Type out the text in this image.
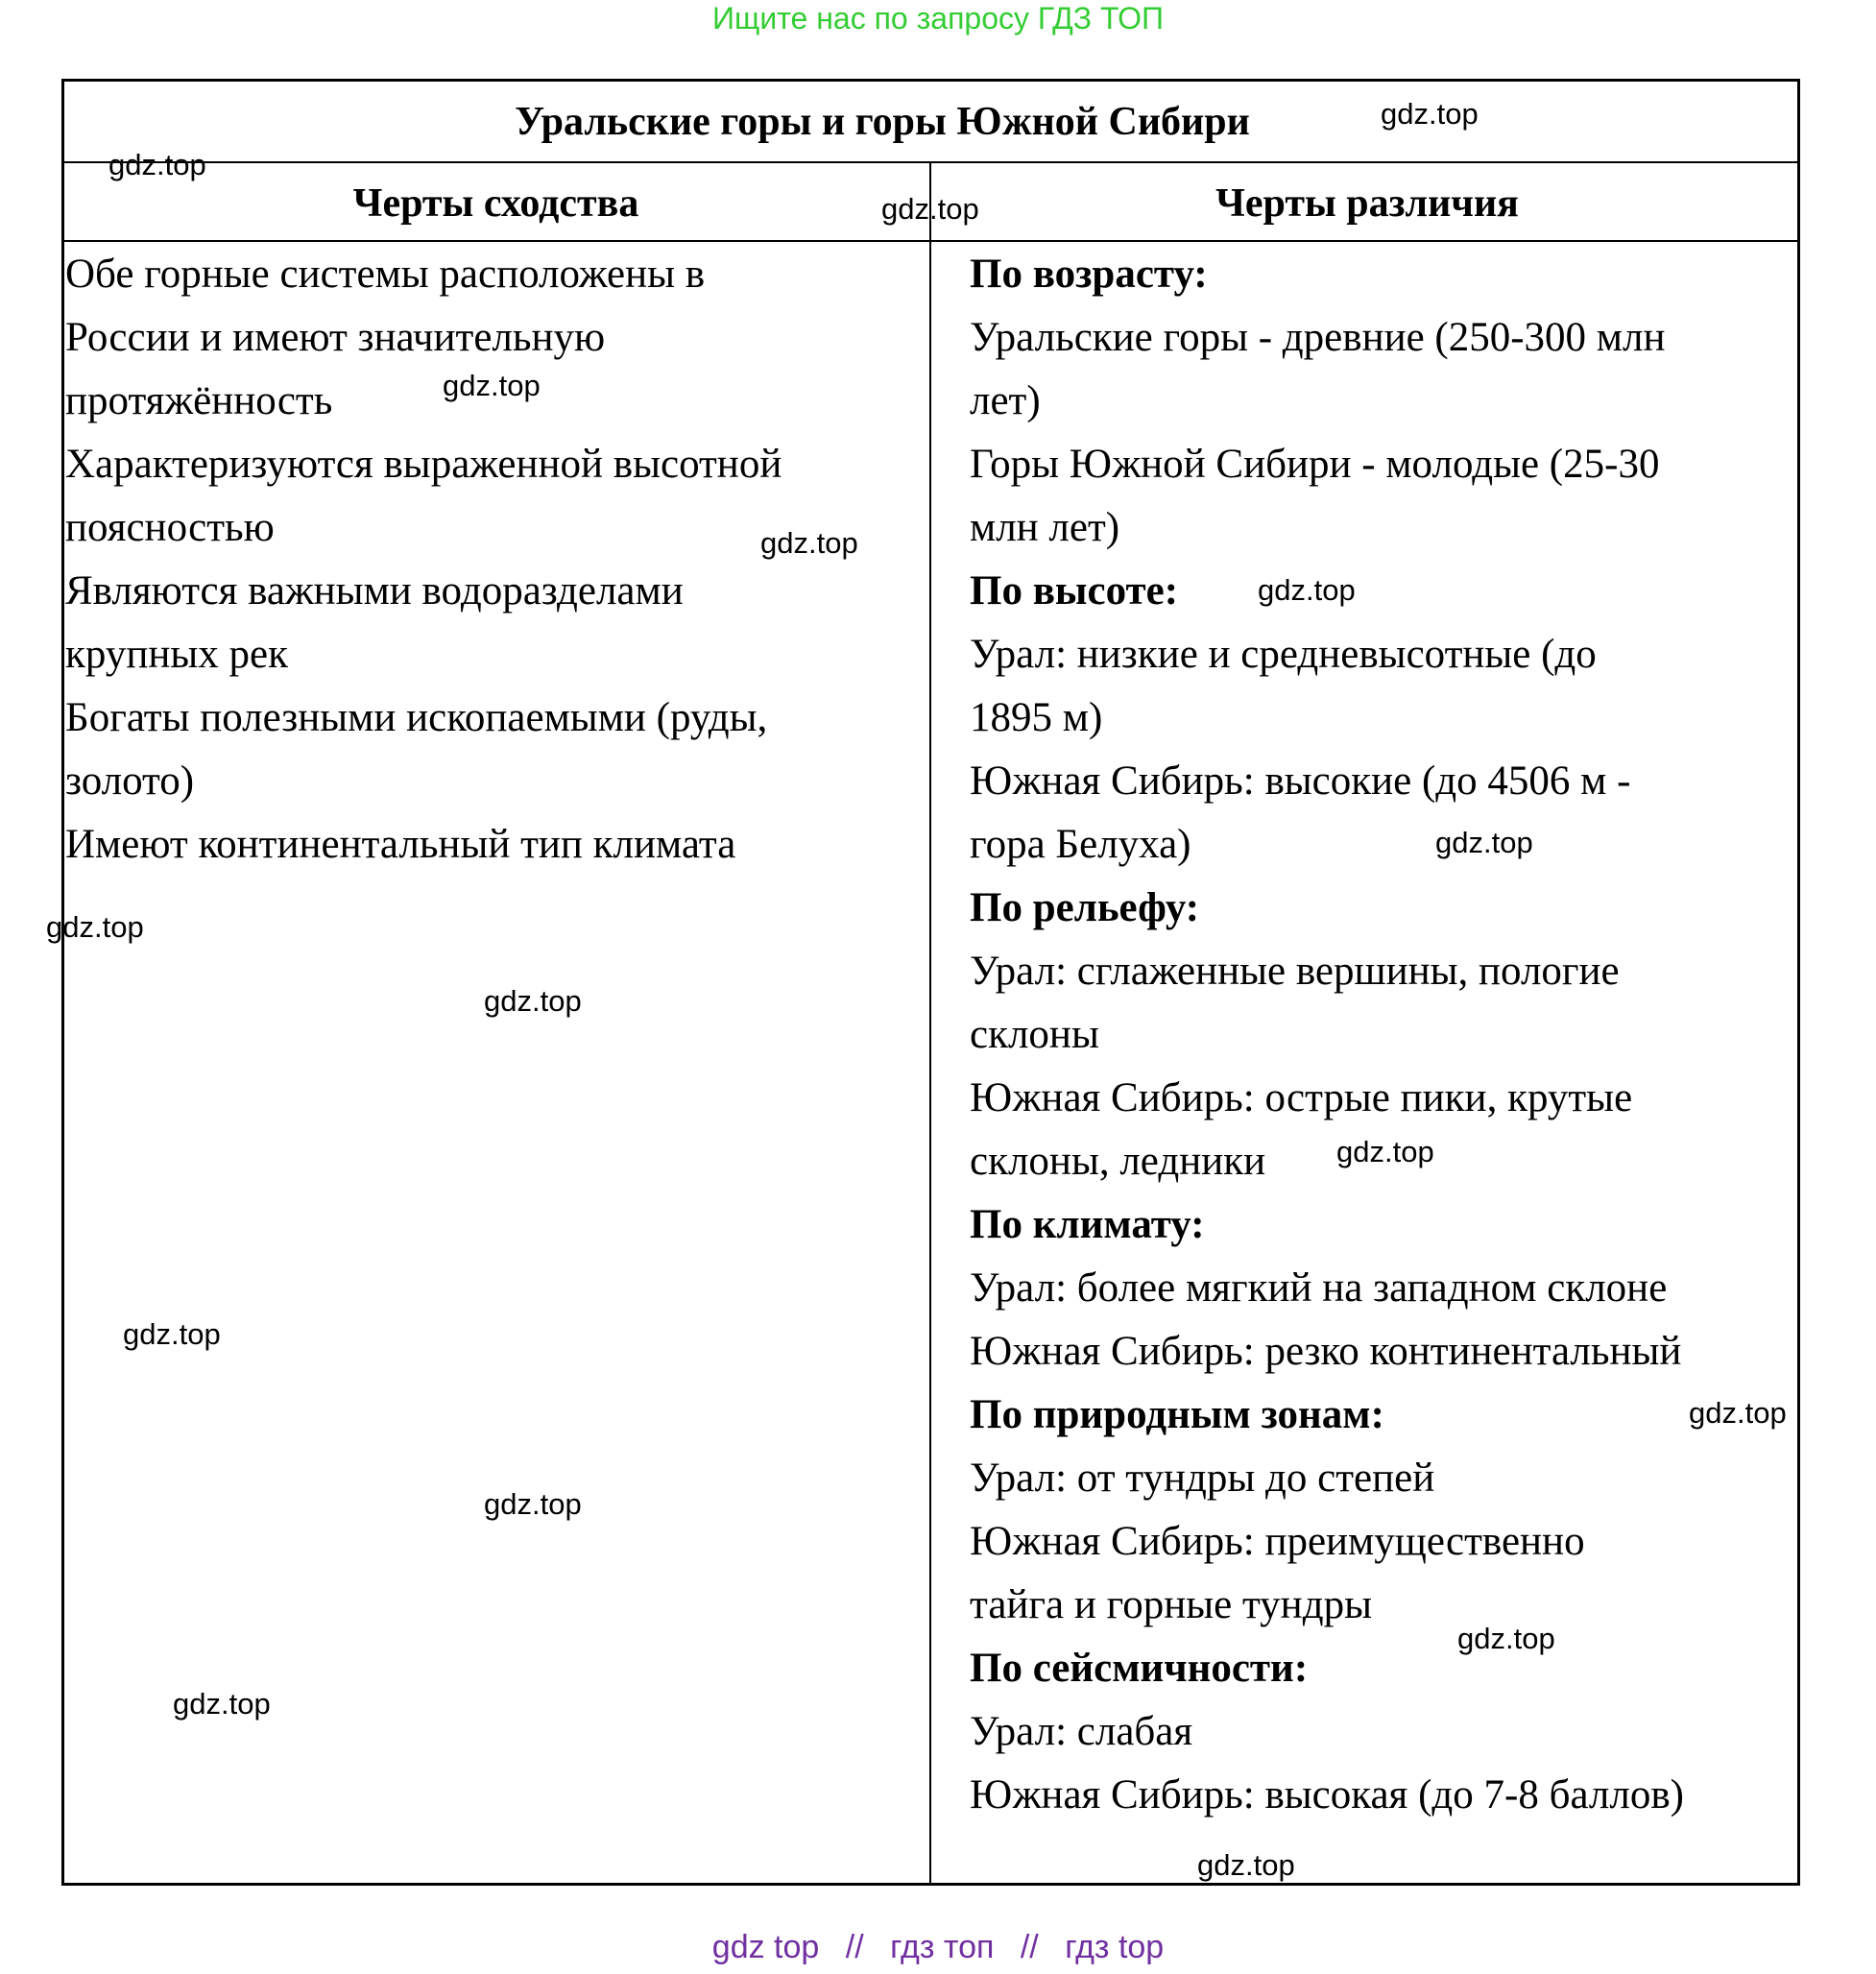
Ищите нас по запросу ГДЗ ТОП
Уральские горы и горы Южной Сибири
Черты сходства	Черты различия
Обе горные системы расположены в
России и имеют значительную
протяжённость
Характеризуются выраженной высотной
поясностью
Являются важными водоразделами
крупных рек
Богаты полезными ископаемыми (руды,
золото)
Имеют континентальный тип климата
По возрасту:
Уральские горы - древние (250-300 млн
лет)
Горы Южной Сибири - молодые (25-30
млн лет)
По высоте:
Урал: низкие и средневысотные (до
1895 м)
Южная Сибирь: высокие (до 4506 м -
гора Белуха)
По рельефу:
Урал: сглаженные вершины, пологие
склоны
Южная Сибирь: острые пики, крутые
склоны, ледники
По климату:
Урал: более мягкий на западном склоне
Южная Сибирь: резко континентальный
По природным зонам:
Урал: от тундры до степей
Южная Сибирь: преимущественно
тайга и горные тундры
По сейсмичности:
Урал: слабая
Южная Сибирь: высокая (до 7-8 баллов)
gdz.top
gdz.top
gdz.top
gdz.top
gdz.top
gdz.top
gdz.top
gdz.top
gdz.top
gdz.top
gdz.top
gdz.top
gdz.top
gdz.top
gdz.top
gdz.top
gdz top // гдз топ // гдз top
